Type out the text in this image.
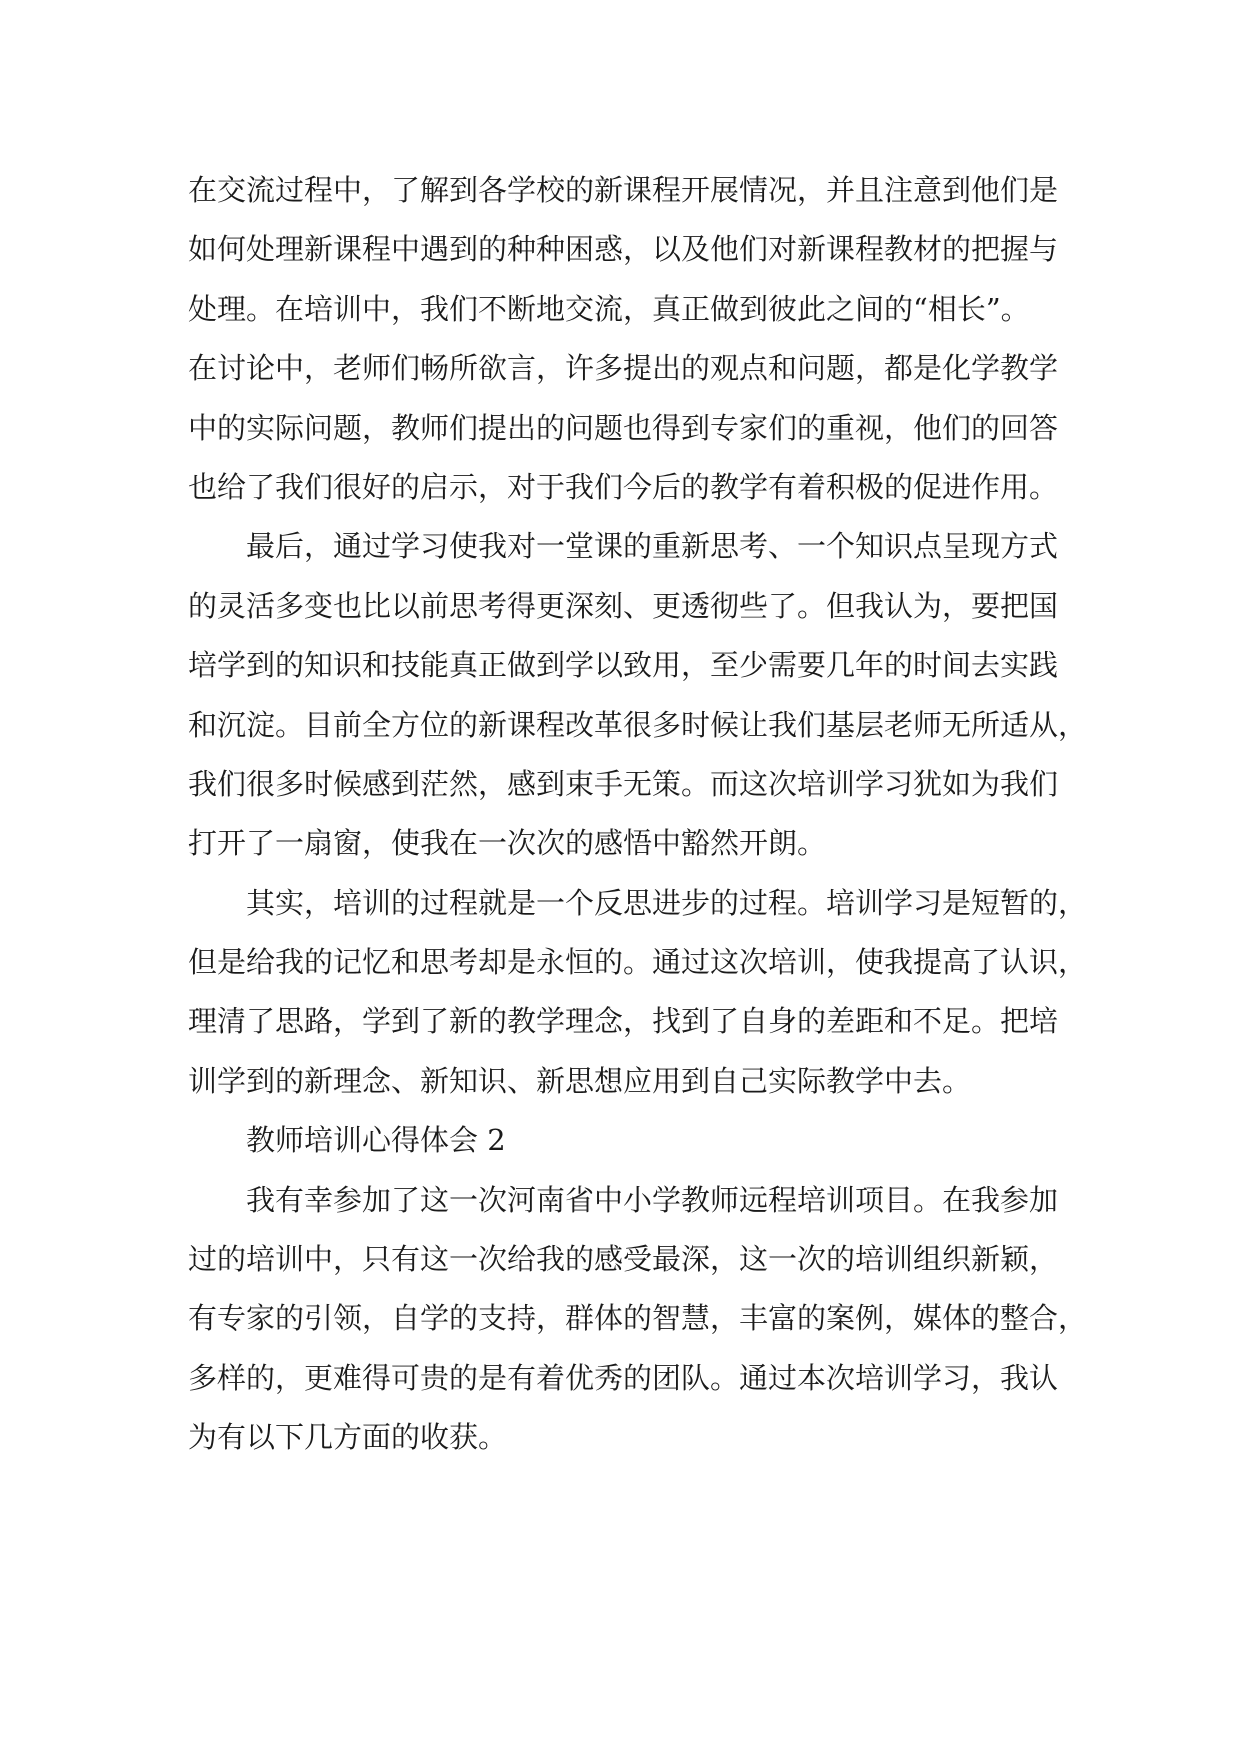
在交流过程中，了解到各学校的新课程开展情况，并且注意到他们是
如何处理新课程中遇到的种种困惑，以及他们对新课程教材的把握与
处理。在培训中，我们不断地交流，真正做到彼此之间的“相长”。
在讨论中，老师们畅所欲言，许多提出的观点和问题，都是化学教学
中的实际问题，教师们提出的问题也得到专家们的重视，他们的回答
也给了我们很好的启示，对于我们今后的教学有着积极的促进作用。
最后，通过学习使我对一堂课的重新思考、一个知识点呈现方式
的灵活多变也比以前思考得更深刻、更透彻些了。但我认为，要把国
培学到的知识和技能真正做到学以致用，至少需要几年的时间去实践
和沉淀。目前全方位的新课程改革很多时候让我们基层老师无所适从，
我们很多时候感到茫然，感到束手无策。而这次培训学习犹如为我们
打开了一扇窗，使我在一次次的感悟中豁然开朗。
其实，培训的过程就是一个反思进步的过程。培训学习是短暂的，
但是给我的记忆和思考却是永恒的。通过这次培训，使我提高了认识，
理清了思路，学到了新的教学理念，找到了自身的差距和不足。把培
训学到的新理念、新知识、新思想应用到自己实际教学中去。
教师培训心得体会 2
我有幸参加了这一次河南省中小学教师远程培训项目。在我参加
过的培训中，只有这一次给我的感受最深，这一次的培训组织新颖，
有专家的引领，自学的支持，群体的智慧，丰富的案例，媒体的整合，
多样的，更难得可贵的是有着优秀的团队。通过本次培训学习，我认
为有以下几方面的收获。
